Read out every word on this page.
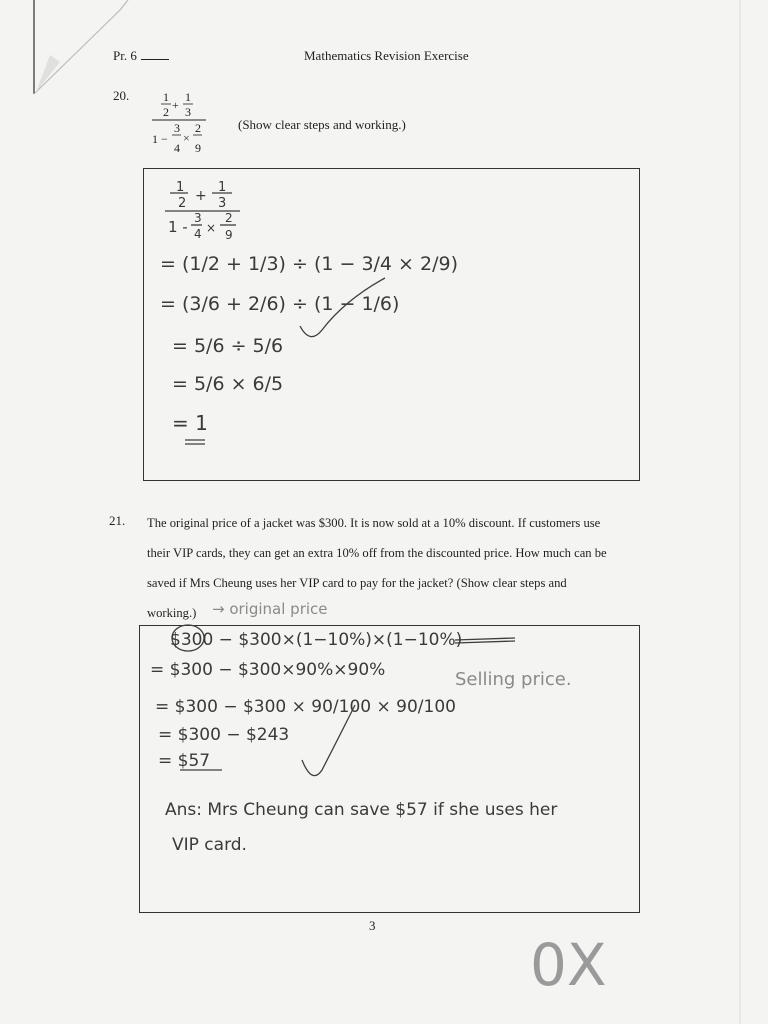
Pr. 6	Mathematics Revision Exercise
20.	1
2 +
1
3
1 −
3
4
×
2
9
(Show clear steps and working.)
21. The original price of a jacket was $300. It is now sold at a 10% discount. If customers use
their VIP cards, they can get an extra 10% off from the discounted price. How much can be
saved if Mrs Cheung uses her VIP card to pay for the jacket? (Show clear steps and
working.)
3
1
2 +
1
3
1 - 3
4 ×
2
9
= (1/2 + 1/3) ÷ (1 − 3/4 × 2/9)
= (3/6 + 2/6) ÷ (1 − 1/6)
= 5/6 ÷ 5/6
= 5/6 × 6/5
= 1
→ original price
$300 − $300×(1−10%)×(1−10%)
Selling price.
= $300 − $300×90%×90%
= $300 − $300 × 90/100 × 90/100
= $300 − $243
= $57
Ans: Mrs Cheung can save $57 if she uses her
VIP card.
0X
